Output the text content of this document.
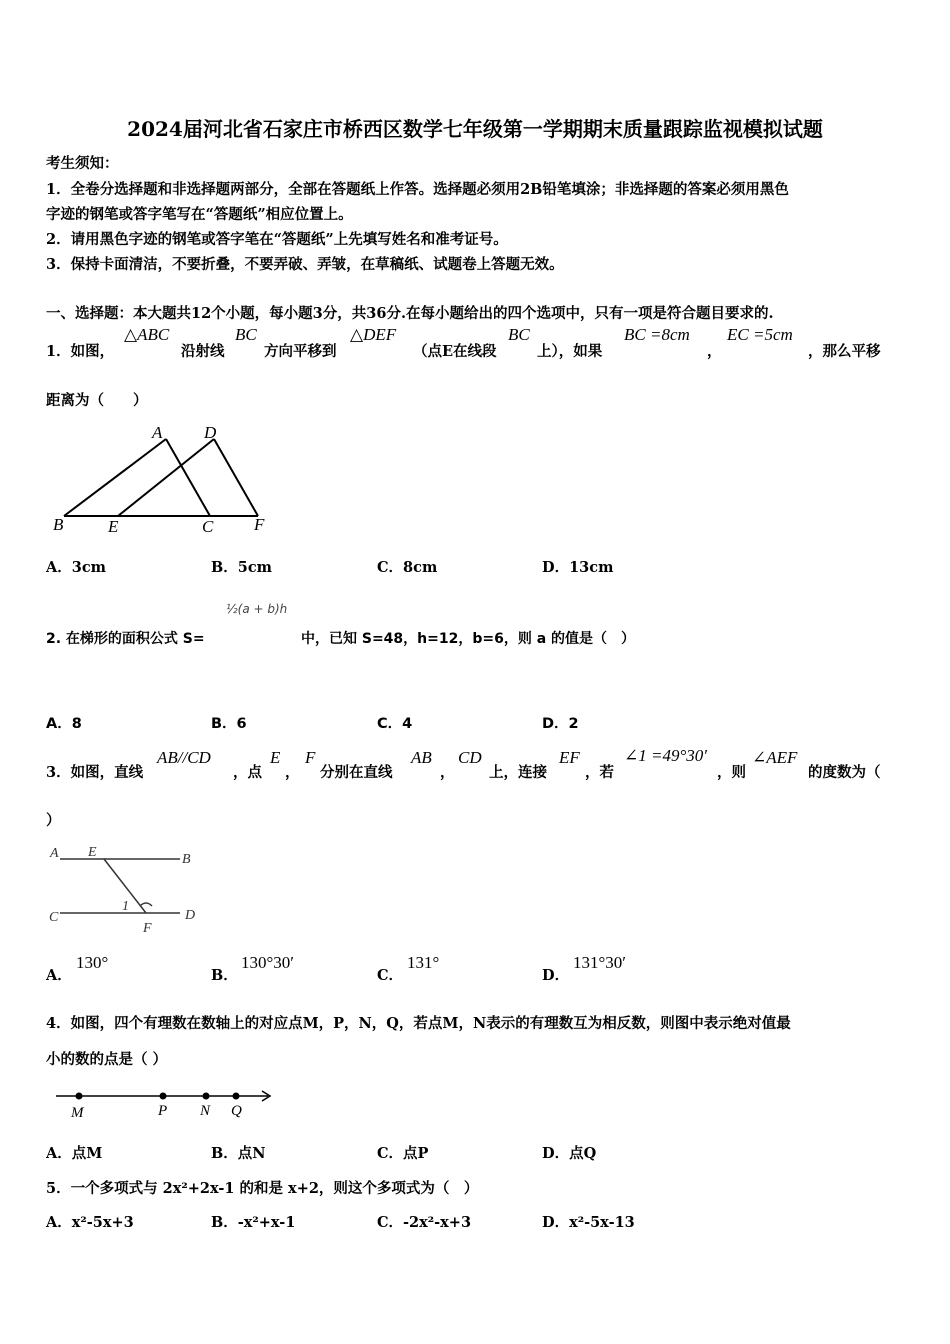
2024届河北省石家庄市桥西区数学七年级第一学期期末质量跟踪监视模拟试题
考生须知：
1．全卷分选择题和非选择题两部分，全部在答题纸上作答。选择题必须用2B铅笔填涂；非选择题的答案必须用黑色
字迹的钢笔或答字笔写在“答题纸”相应位置上。
2．请用黑色字迹的钢笔或答字笔在“答题纸”上先填写姓名和准考证号。
3．保持卡面清洁，不要折叠，不要弄破、弄皱，在草稿纸、试题卷上答题无效。
一、选择题：本大题共12个小题，每小题3分，共36分.在每小题给出的四个选项中，只有一项是符合题目要求的.
1．如图，
△ABC
沿射线
BC
方向平移到
△DEF
（点E在线段
BC
上），如果
BC =8cm
，
EC =5cm
，那么平移
距离为（　　）
A D
B	E	C F
A．3cm	B．5cm	C．8cm	D．13cm
½(a + b)h
2. 在梯形的面积公式 S=	中，已知 S=48，h=12，b=6，则 a 的值是（　）
A．8	B．6	C．4	D．2
3．如图，直线
AB//CD
，点
E
，
F
分别在直线
AB
，
CD
上，连接
EF
，若
∠1 =49°30′
，则
∠AEF
的度数为（
）
A E	B
C
1
D
F
A．
130°
B．
130°30′
C．
131°
D．
131°30′
4．如图，四个有理数在数轴上的对应点M，P，N，Q，若点M，N表示的有理数互为相反数，则图中表示绝对值最
小的数的点是（ ）
M	P N Q
A．点M	B．点N	C．点P	D．点Q
5．一个多项式与 2x²+2x-1 的和是 x+2，则这个多项式为（　）
A．x²-5x+3	B．-x²+x-1	C．-2x²-x+3	D．x²-5x-13
